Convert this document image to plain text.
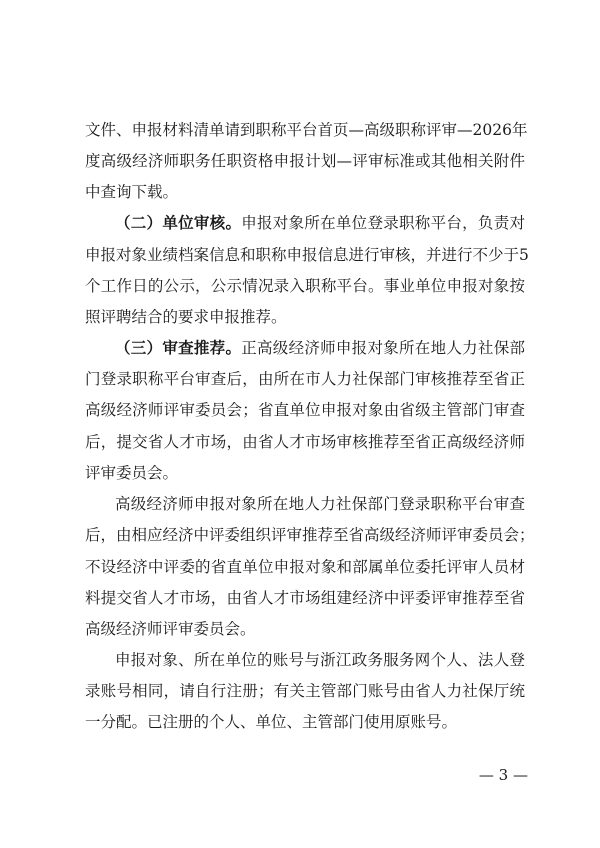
文件、申报材料清单请到职称平台首页—高级职称评审—2026年
度高级经济师职务任职资格申报计划—评审标准或其他相关附件
中查询下载。
（二）单位审核。申报对象所在单位登录职称平台，负责对
申报对象业绩档案信息和职称申报信息进行审核，并进行不少于5
个工作日的公示，公示情况录入职称平台。事业单位申报对象按
照评聘结合的要求申报推荐。
（三）审查推荐。正高级经济师申报对象所在地人力社保部
门登录职称平台审查后，由所在市人力社保部门审核推荐至省正
高级经济师评审委员会；省直单位申报对象由省级主管部门审查
后，提交省人才市场，由省人才市场审核推荐至省正高级经济师
评审委员会。
高级经济师申报对象所在地人力社保部门登录职称平台审查
后，由相应经济中评委组织评审推荐至省高级经济师评审委员会；
不设经济中评委的省直单位申报对象和部属单位委托评审人员材
料提交省人才市场，由省人才市场组建经济中评委评审推荐至省
高级经济师评审委员会。
申报对象、所在单位的账号与浙江政务服务网个人、法人登
录账号相同，请自行注册；有关主管部门账号由省人力社保厅统
一分配。已注册的个人、单位、主管部门使用原账号。
— 3 —
